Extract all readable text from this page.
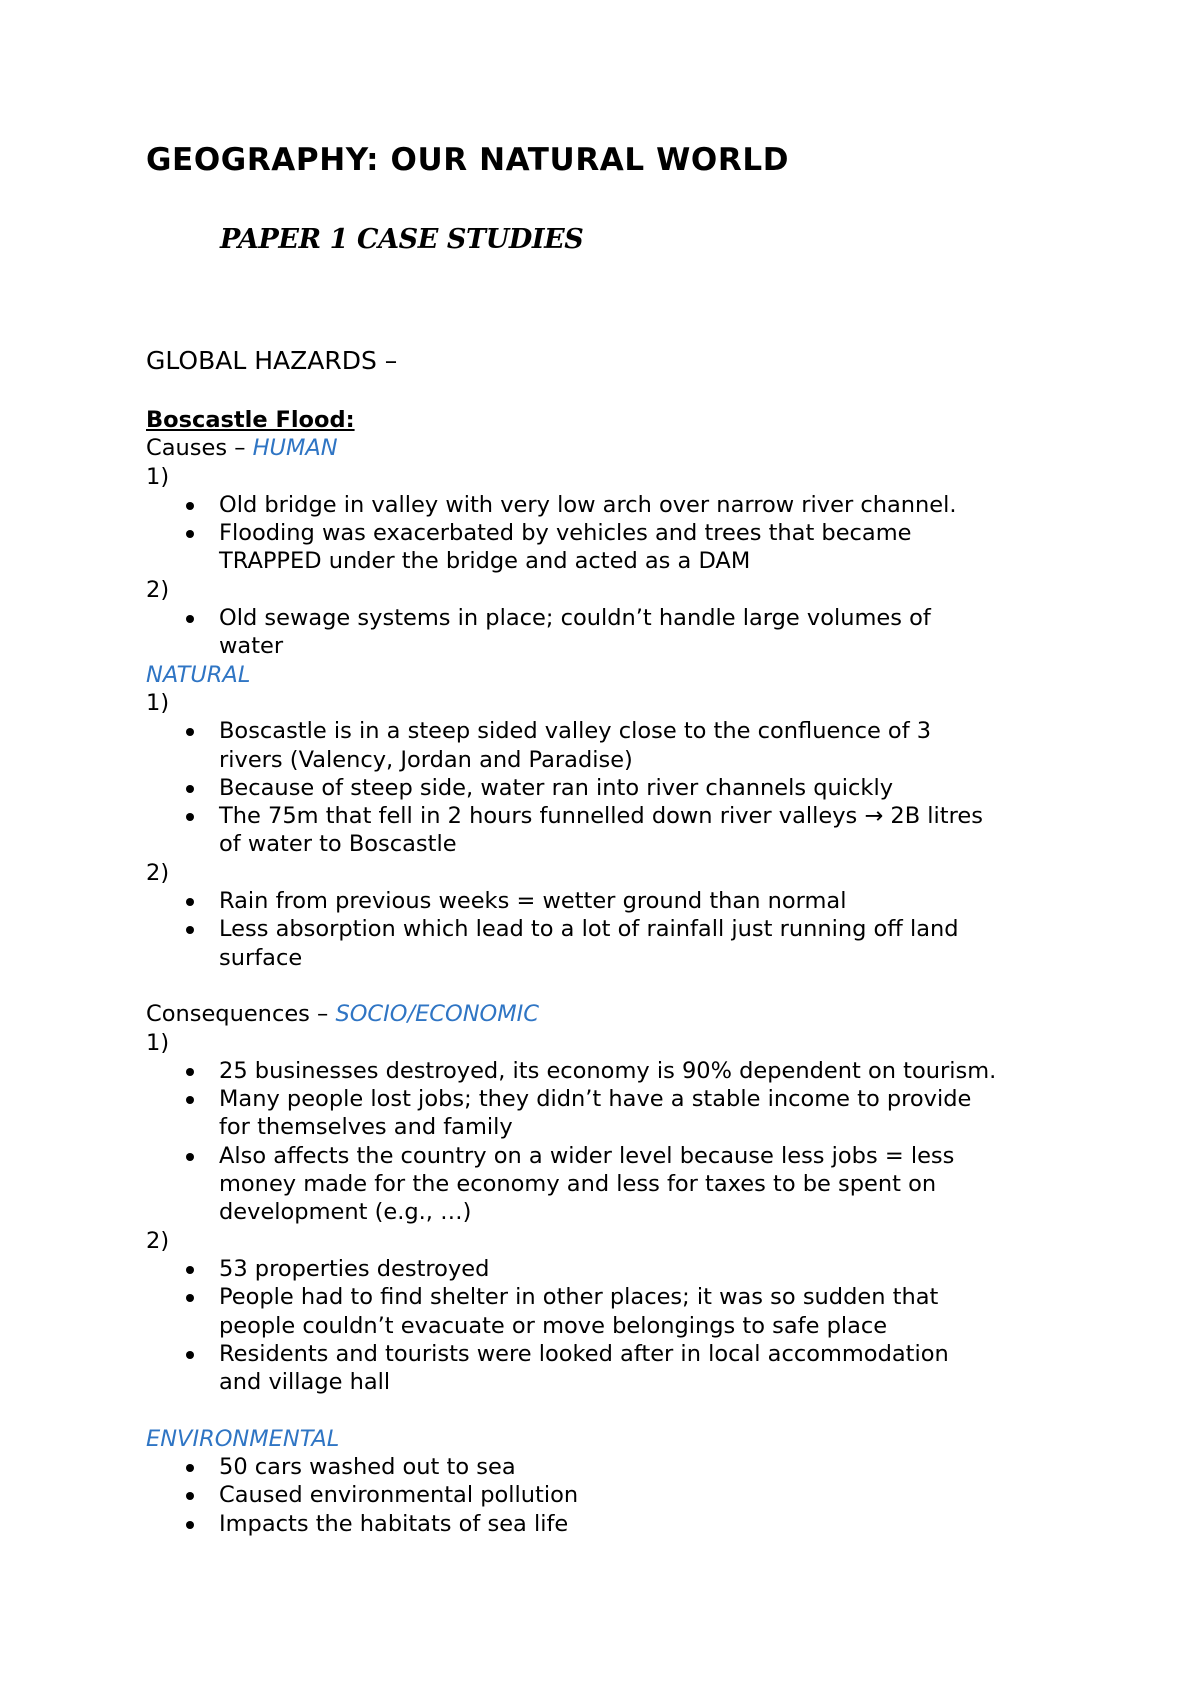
GEOGRAPHY: OUR NATURAL WORLD
PAPER 1 CASE STUDIES
GLOBAL HAZARDS –
Boscastle Flood:
Causes – HUMAN
1)
Old bridge in valley with very low arch over narrow river channel.
Flooding was exacerbated by vehicles and trees that became
TRAPPED under the bridge and acted as a DAM
2)
Old sewage systems in place; couldn’t handle large volumes of
water
NATURAL
1)
Boscastle is in a steep sided valley close to the confluence of 3
rivers (Valency, Jordan and Paradise)
Because of steep side, water ran into river channels quickly
The 75m that fell in 2 hours funnelled down river valleys → 2B litres
of water to Boscastle
2)
Rain from previous weeks = wetter ground than normal
Less absorption which lead to a lot of rainfall just running off land
surface
Consequences – SOCIO/ECONOMIC
1)
25 businesses destroyed, its economy is 90% dependent on tourism.
Many people lost jobs; they didn’t have a stable income to provide
for themselves and family
Also affects the country on a wider level because less jobs = less
money made for the economy and less for taxes to be spent on
development (e.g., …)
2)
53 properties destroyed
People had to find shelter in other places; it was so sudden that
people couldn’t evacuate or move belongings to safe place
Residents and tourists were looked after in local accommodation
and village hall
ENVIRONMENTAL
50 cars washed out to sea
Caused environmental pollution
Impacts the habitats of sea life
